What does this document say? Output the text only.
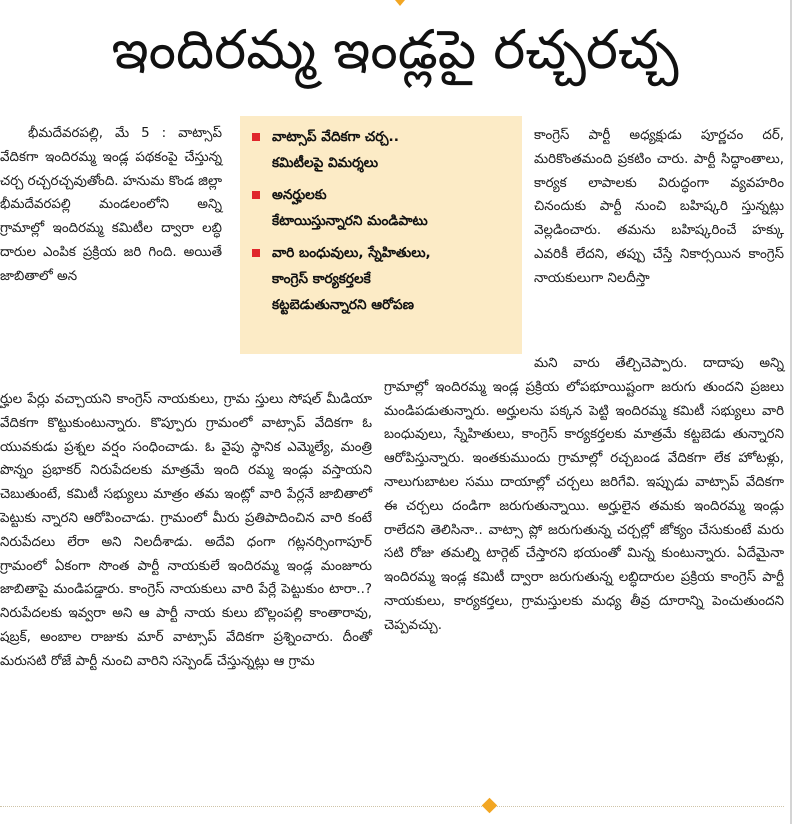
ఇందిరమ్మ ఇండ్లపై రచ్చరచ్చ

భీమదేవరపల్లి, మే 5 : వాట్సాప్ వేదికగా ఇందిరమ్మ ఇండ్ల పథకంపై చేస్తున్న చర్చ రచ్చరచ్చవుతోంది. హనుమ కొండ జిల్లా భీమదేవరపల్లి మండలంలోని అన్ని గ్రామాల్లో ఇందిరమ్మ కమిటీల ద్వారా లబ్ధి దారుల ఎంపిక ప్రక్రియ జరి గింది. అయితే జాబితాలో అన

వాట్సాప్ వేదికగా చర్చ..
కమిటీలపై విమర్శలు
అనర్హులకు
కేటాయిస్తున్నారని మండిపాటు
వారి బంధువులు, స్నేహితులు,
కాంగ్రెస్ కార్యకర్తలకే
కట్టబెడుతున్నారని ఆరోపణ

కాంగ్రెస్ పార్టీ అధ్యక్షుడు పూర్ణచం దర్, మరికొంతమంది ప్రకటిం చారు. పార్టీ సిద్ధాంతాలు, కార్యక లాపాలకు విరుద్ధంగా వ్యవహరిం చినందుకు పార్టీ నుంచి బహిష్కరి స్తున్నట్లు వెల్లడించారు. తమను బహిష్కరించే హక్కు ఎవరికీ లేదని, తప్పు చేస్తే నికార్సయిన కాంగ్రెస్ నాయకులుగా నిలదీస్తా

ర్హుల పేర్లు వచ్చాయని కాంగ్రెస్ నాయకులు, గ్రామ స్తులు సోషల్ మీడియా వేదికగా కొట్టుకుంటున్నారు. కొప్పూరు గ్రామంలో వాట్సాప్ వేదికగా ఓ యువకుడు ప్రశ్నల వర్షం సంధించాడు. ఓ వైపు స్థానిక ఎమ్మెల్యే, మంత్రి పొన్నం ప్రభాకర్ నిరుపేదలకు మాత్రమే ఇంది రమ్మ ఇండ్లు వస్తాయని చెబుతుంటే, కమిటీ సభ్యులు మాత్రం తమ ఇంట్లో వారి పేర్లనే జాబితాలో పెట్టుకు న్నారని ఆరోపించాడు. గ్రామంలో మీరు ప్రతిపాదించిన వారి కంటే నిరుపేదలు లేరా అని నిలదీశాడు. అదేవి ధంగా గట్లనర్సింగాపూర్ గ్రామంలో ఏకంగా సొంత పార్టీ నాయకులే ఇందిరమ్మ ఇండ్ల మంజూరు జాబితాపై మండిపడ్డారు. కాంగ్రెస్ నాయకులు వారి పేర్లే పెట్టుకుం టారా..? నిరుపేదలకు ఇవ్వరా అని ఆ పార్టీ నాయ కులు బొల్లంపల్లి కాంతారావు, షబ్రక్, అంబాల రాజుకు మార్ వాట్సాప్ వేదికగా ప్రశ్నించారు. దీంతో మరుసటి రోజే పార్టీ నుంచి వారిని సస్పెండ్ చేస్తున్నట్లు ఆ గ్రామ

మని వారు తేల్చిచెప్పారు. దాదాపు అన్ని గ్రామాల్లో ఇందిరమ్మ ఇండ్ల ప్రక్రియ లోపభూయిష్టంగా జరుగు తుందని ప్రజలు మండిపడుతున్నారు. అర్హులను పక్కన పెట్టి ఇందిరమ్మ కమిటీ సభ్యులు వారి బంధువులు, స్నేహితులు, కాంగ్రెస్ కార్యకర్తలకు మాత్రమే కట్టబెడు తున్నారని ఆరోపిస్తున్నారు. ఇంతకుముందు గ్రామాల్లో రచ్చబండ వేదికగా లేక హోటళ్లు, నాలుగుబాటల సము దాయాల్లో చర్చలు జరిగేవి. ఇప్పుడు వాట్సాప్ వేదికగా ఈ చర్చలు దండిగా జరుగుతున్నాయి. అర్హులైన తమకు ఇందిరమ్మ ఇండ్లు రాలేదని తెలిసినా.. వాట్సా ప్లో జరుగుతున్న చర్చల్లో జోక్యం చేసుకుంటే మరు సటి రోజు తమల్ని టార్గెట్ చేస్తారని భయంతో మిన్న కుంటున్నారు. ఏదేమైనా ఇందిరమ్మ ఇండ్ల కమిటీ ద్వారా జరుగుతున్న లబ్ధిదారుల ప్రక్రియ కాంగ్రెస్ పార్టీ నాయకులు, కార్యకర్తలు, గ్రామస్తులకు మధ్య తీవ్ర దూరాన్ని పెంచుతుందని చెప్పవచ్చు.
